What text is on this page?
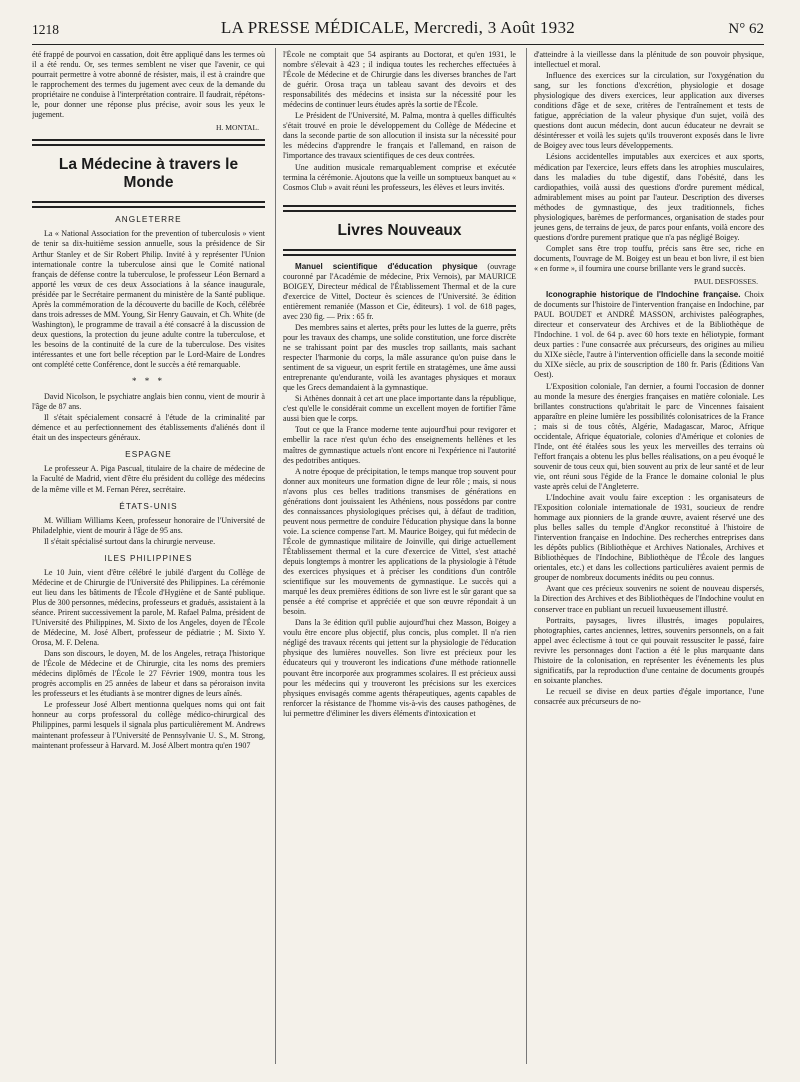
1218	LA PRESSE MÉDICALE, Mercredi, 3 Août 1932	N° 62

été frappé de pourvoi en cassation, doit être appliqué dans les termes où il a été rendu. Or, ses termes semblent ne viser que l'avenir, ce qui pourrait permettre à votre abonné de résister, mais, il est à craindre que le rapprochement des termes du jugement avec ceux de la demande du propriétaire ne conduise à l'interprétation contraire. Il faudrait, répétons-le, pour donner une réponse plus précise, avoir sous les yeux le jugement.

H. MONTAL.
La Médecine à travers le Monde
ANGLETERRE

La « National Association for the prevention of tuberculosis » vient de tenir sa dix-huitième session annuelle, sous la présidence de Sir Arthur Stanley et de Sir Robert Philip. Invité à y représenter l'Union internationale contre la tuberculose ainsi que le Comité national français de défense contre la tuberculose, le professeur Léon Bernard a apporté les vœux de ces deux Associations à la séance inaugurale, présidée par le Secrétaire permanent du ministère de la Santé publique. Après la commémoration de la découverte du bacille de Koch, célébrée dans trois adresses de MM. Young, Sir Henry Gauvain, et Ch. White (de Washington), le programme de travail a été consacré à la discussion de deux questions, la protection du jeune adulte contre la tuberculose, et les besoins de la continuité de la cure de la tuberculose. Des visites intéressantes et une fort belle réception par le Lord-Maire de Londres ont complété cette Conférence, dont le succès a été remarquable.

* * *

David Nicolson, le psychiatre anglais bien connu, vient de mourir à l'âge de 87 ans.

Il s'était spécialement consacré à l'étude de la criminalité par démence et au perfectionnement des établissements d'aliénés dont il était un des inspecteurs généraux.

ESPAGNE

Le professeur A. Piga Pascual, titulaire de la chaire de médecine de la Faculté de Madrid, vient d'être élu président du collège des médecins de la même ville et M. Fernan Pérez, secrétaire.

ÉTATS-UNIS

M. William Williams Keen, professeur honoraire de l'Université de Philadelphie, vient de mourir à l'âge de 95 ans.

Il s'était spécialisé surtout dans la chirurgie nerveuse.

ILES PHILIPPINES

Le 10 Juin, vient d'être célébré le jubilé d'argent du Collège de Médecine et de Chirurgie de l'Université des Philippines. La cérémonie eut lieu dans les bâtiments de l'École d'Hygiène et de Santé publique. Plus de 300 personnes, médecins, professeurs et gradués, assistaient à la séance. Prirent successivement la parole, M. Rafael Palma, président de l'Université des Philippines, M. Sixto de los Angeles, doyen de l'École de Médecine, M. José Albert, professeur de pédiatrie ; M. Sixto Y. Orosa, M. F. Delena.

Dans son discours, le doyen, M. de los Angeles, retraça l'historique de l'École de Médecine et de Chirurgie, cita les noms des premiers médecins diplômés de l'École le 27 Février 1909, montra tous les progrès accomplis en 25 années de labeur et dans sa péroraison invita les professeurs et les étudiants à se montrer dignes de leurs aînés.

Le professeur José Albert mentionna quelques noms qui ont fait honneur au corps professoral du collège médico-chirurgical des Philippines, parmi lesquels il signala plus particulièrement M. Andrews maintenant professeur à l'Université de Pennsylvanie U. S., M. Strong, maintenant professeur à Harvard. M. José Albert montra qu'en 1907

l'École ne comptait que 54 aspirants au Doctorat, et qu'en 1931, le nombre s'élevait à 423 ; il indiqua toutes les recherches effectuées à l'École de Médecine et de Chirurgie dans les diverses branches de l'art de guérir. Orosa traça un tableau savant des devoirs et des responsabilités des médecins et insista sur la nécessité pour les médecins de continuer leurs études après la sortie de l'École.

Le Président de l'Université, M. Palma, montra à quelles difficultés s'était trouvé en proie le développement du Collège de Médecine et dans la seconde partie de son allocution il insista sur la nécessité pour les médecins d'apprendre le français et l'allemand, en raison de l'importance des travaux scientifiques de ces deux contrées.

Une audition musicale remarquablement comprise et exécutée termina la cérémonie. Ajoutons que la veille un somptueux banquet au « Cosmos Club » avait réuni les professeurs, les élèves et leurs invités.

Livres Nouveaux

Manuel scientifique d'éducation physique (ouvrage couronné par l'Académie de médecine, Prix Vernois), par MAURICE BOIGEY, Directeur médical de l'Établissement Thermal et de la cure d'exercice de Vittel, Docteur ès sciences de l'Université. 3e édition entièrement remaniée (Masson et Cie, éditeurs). 1 vol. de 618 pages, avec 230 fig. — Prix : 65 fr.

Des membres sains et alertes, prêts pour les luttes de la guerre, prêts pour les travaux des champs, une solide constitution, une force discrète ne se trahissant point par des muscles trop saillants, mais sachant respecter l'harmonie du corps, la mâle assurance qu'on puise dans le sentiment de sa vigueur, un esprit fertile en stratagèmes, une âme aussi entreprenante qu'endurante, voilà les avantages physiques et moraux que les Grecs demandaient à la gymnastique.

Si Athènes donnait à cet art une place importante dans la république, c'est qu'elle le considérait comme un excellent moyen de fortifier l'âme aussi bien que le corps.

Tout ce que la France moderne tente aujourd'hui pour revigorer et embellir la race n'est qu'un écho des enseignements hellènes et les maîtres de gymnastique actuels n'ont encore ni l'expérience ni l'autorité des pedotribes antiques.

A notre époque de précipitation, le temps manque trop souvent pour donner aux moniteurs une formation digne de leur rôle ; mais, si nous n'avons plus ces belles traditions transmises de générations en générations dont jouissaient les Athéniens, nous possédons par contre des connaissances physiologiques précises qui, à défaut de tradition, peuvent nous permettre de conduire l'éducation physique dans la bonne voie. La science compense l'art. M. Maurice Boigey, qui fut médecin de l'École de gymnastique militaire de Joinville, qui dirige actuellement l'Établissement thermal et la cure d'exercice de Vittel, s'est attaché depuis longtemps à montrer les applications de la physiologie à l'étude des exercices physiques et à préciser les conditions d'un contrôle scientifique sur les mouvements de gymnastique. Le succès qui a marqué les deux premières éditions de son livre est le sûr garant que sa pensée a été comprise et appréciée et que son œuvre répondait à un besoin.

Dans la 3e édition qu'il publie aujourd'hui chez Masson, Boigey a voulu être encore plus objectif, plus concis, plus complet. Il n'a rien négligé des travaux récents qui jettent sur la physiologie de l'éducation physique des lumières nouvelles. Son livre est précieux pour les éducateurs qui y trouveront les indications d'une méthode rationnelle pouvant être incorporée aux programmes scolaires. Il est précieux aussi pour les médecins qui y trouveront les précisions sur les exercices physiques envisagés comme agents thérapeutiques, agents capables de renforcer la résistance de l'homme vis-à-vis des causes pathogènes, de lui permettre d'éliminer les divers éléments d'intoxication et

d'atteindre à la vieillesse dans la plénitude de son pouvoir physique, intellectuel et moral.

Influence des exercices sur la circulation, sur l'oxygénation du sang, sur les fonctions d'excrétion, physiologie et dosage physiologique des divers exercices, leur application aux diverses conditions d'âge et de sexe, critères de l'entraînement et tests de fatigue, appréciation de la valeur physique d'un sujet, voilà des questions dont aucun médecin, dont aucun éducateur ne devrait se désintéresser et voilà les sujets qu'ils trouveront exposés dans le livre de Boigey avec tous leurs développements.

Lésions accidentelles imputables aux exercices et aux sports, médication par l'exercice, leurs effets dans les atrophies musculaires, dans les maladies du tube digestif, dans l'obésité, dans les cardiopathies, voilà aussi des questions d'ordre purement médical, admirablement mises au point par l'auteur. Description des diverses méthodes de gymnastique, des jeux traditionnels, fiches physiologiques, barèmes de performances, organisation de stades pour jeunes gens, de terrains de jeux, de parcs pour enfants, voilà encore des questions d'ordre purement pratique que n'a pas négligé Boigey.

Complet sans être trop touffu, précis sans être sec, riche en documents, l'ouvrage de M. Boigey est un beau et bon livre, il est bien « en forme », il fournira une course brillante vers le grand succès.

PAUL DESFOSSES.

Iconographie historique de l'Indochine française. Choix de documents sur l'histoire de l'intervention française en Indochine, par PAUL BOUDET et ANDRÉ MASSON, archivistes paléographes, directeur et conservateur des Archives et de la Bibliothèque de l'Indochine. 1 vol. de 64 p. avec 60 hors texte en héliotypie, formant deux parties : l'une consacrée aux précurseurs, des origines au milieu du XIXe siècle, l'autre à l'intervention officielle dans la seconde moitié du XIXe siècle, au prix de souscription de 180 fr. Paris (Éditions Van Oest).

L'Exposition coloniale, l'an dernier, a fourni l'occasion de donner au monde la mesure des énergies françaises en matière coloniale. Les brillantes constructions qu'abritait le parc de Vincennes faisaient apparaître en pleine lumière les possibilités colonisatrices de la France ; mais si de tous côtés, Algérie, Madagascar, Maroc, Afrique occidentale, Afrique équatoriale, colonies d'Amérique et colonies de l'Inde, ont été étalées sous les yeux les merveilles des terrains où l'effort français a obtenu les plus belles réalisations, on a peu évoqué le souvenir de tous ceux qui, bien souvent au prix de leur santé et de leur vie, ont réuni sous l'égide de la France le domaine colonial le plus vaste après celui de l'Angleterre.

L'Indochine avait voulu faire exception : les organisateurs de l'Exposition coloniale internationale de 1931, soucieux de rendre hommage aux pionniers de la grande œuvre, avaient réservé une des plus belles salles du temple d'Angkor reconstitué à l'histoire de l'intervention française en Indochine. Des recherches entreprises dans les dépôts publics (Bibliothèque et Archives Nationales, Archives et Bibliothèques de l'Indochine, Bibliothèque de l'École des langues orientales, etc.) et dans les collections particulières avaient permis de grouper de nombreux documents inédits ou peu connus.

Avant que ces précieux souvenirs ne soient de nouveau dispersés, la Direction des Archives et des Bibliothèques de l'Indochine voulut en conserver trace en publiant un recueil luxueusement illustré.

Portraits, paysages, livres illustrés, images populaires, photographies, cartes anciennes, lettres, souvenirs personnels, on a fait appel avec éclectisme à tout ce qui pouvait ressusciter le passé, faire revivre les personnages dont l'action a été le plus marquante dans l'histoire de la colonisation, en représenter les événements les plus significatifs, par la reproduction d'une centaine de documents groupés en soixante planches.

Le recueil se divise en deux parties d'égale importance, l'une consacrée aux précurseurs de no-
